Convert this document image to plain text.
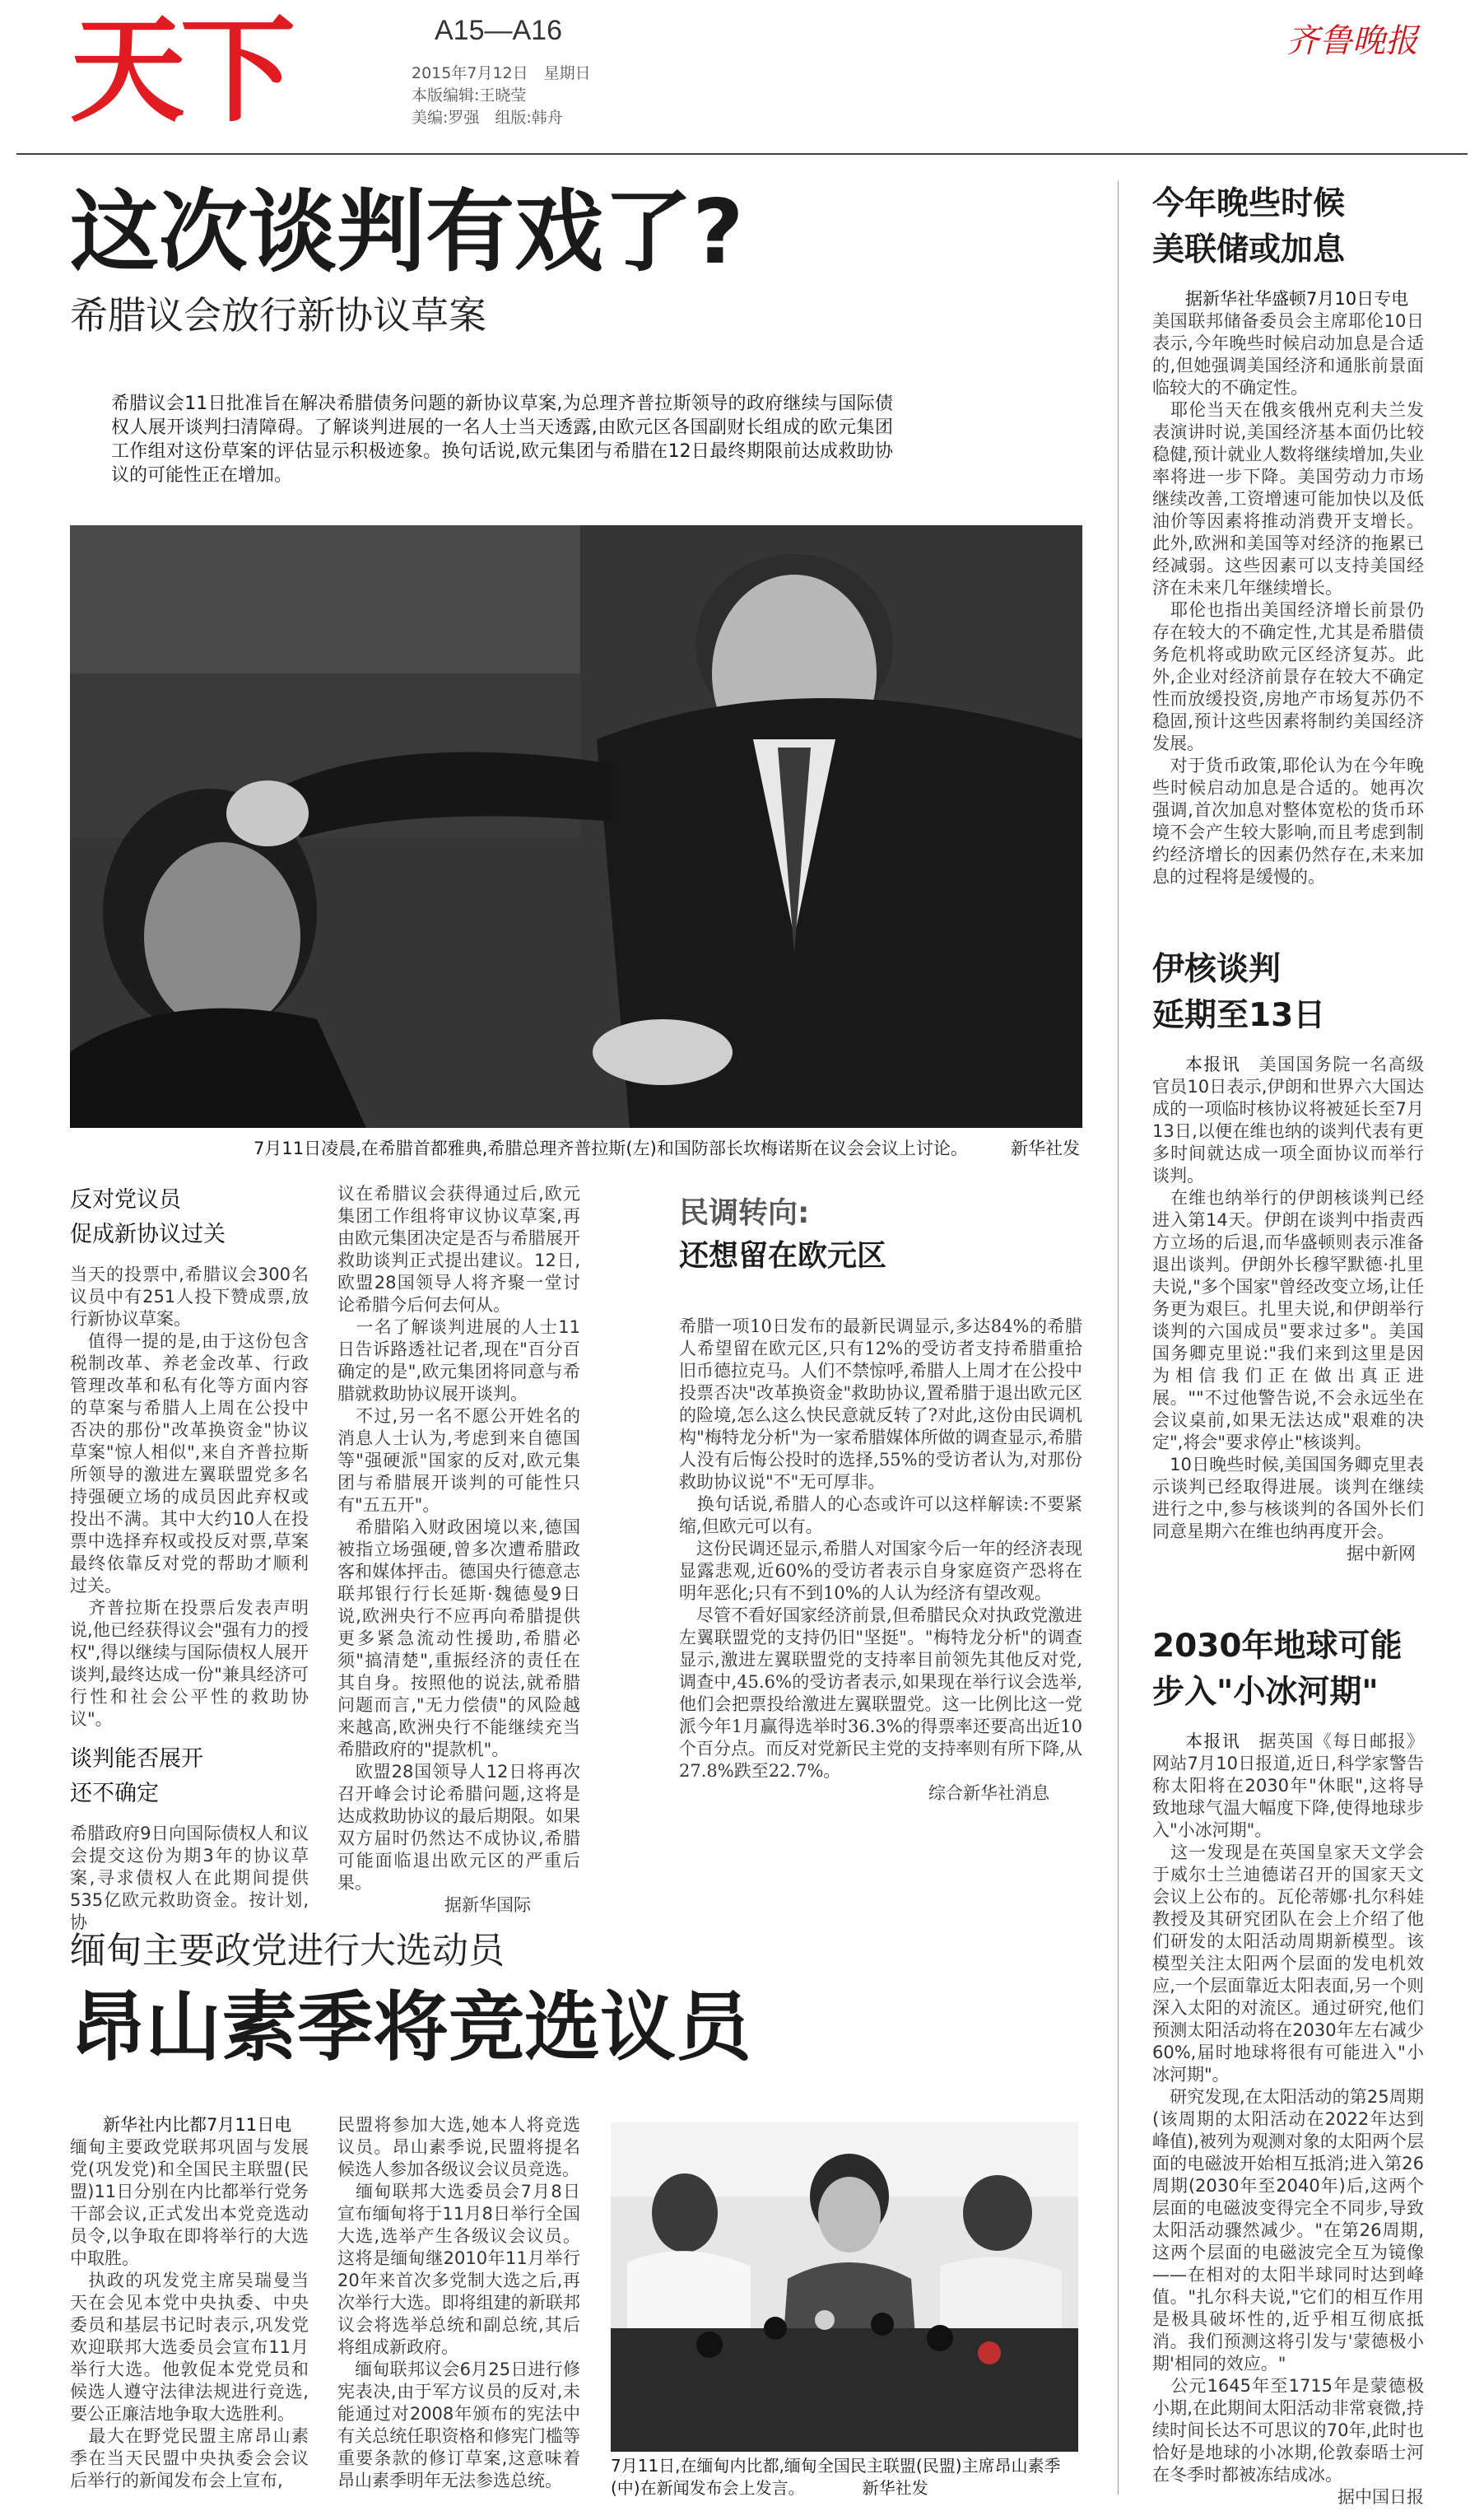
天下	A15—A16
2015年7月12日　星期日
本版编辑:王晓莹
美编:罗强　组版:韩舟
齐鲁晚报
这次谈判有戏了?
希腊议会放行新协议草案
希腊议会11日批准旨在解决希腊债务问题的新协议草案,为总理齐普拉斯领导的政府继续与国际债权人展开谈判扫清障碍。了解谈判进展的一名人士当天透露,由欧元区各国副财长组成的欧元集团工作组对这份草案的评估显示积极迹象。换句话说,欧元集团与希腊在12日最终期限前达成救助协议的可能性正在增加。
7月11日凌晨,在希腊首都雅典,希腊总理齐普拉斯(左)和国防部长坎梅诺斯在议会会议上讨论。 新华社发
反对党议员
促成新协议过关
当天的投票中,希腊议会300名议员中有251人投下赞成票,放行新协议草案。
　值得一提的是,由于这份包含税制改革、养老金改革、行政管理改革和私有化等方面内容的草案与希腊人上周在公投中否决的那份"改革换资金"协议草案"惊人相似",来自齐普拉斯所领导的激进左翼联盟党多名持强硬立场的成员因此弃权或投出不满。其中大约10人在投票中选择弃权或投反对票,草案最终依靠反对党的帮助才顺利过关。
　齐普拉斯在投票后发表声明说,他已经获得议会"强有力的授权",得以继续与国际债权人展开谈判,最终达成一份"兼具经济可行性和社会公平性的救助协议"。
谈判能否展开
还不确定
希腊政府9日向国际债权人和议会提交这份为期3年的协议草案,寻求债权人在此期间提供535亿欧元救助资金。按计划,协
议在希腊议会获得通过后,欧元集团工作组将审议协议草案,再由欧元集团决定是否与希腊展开救助谈判正式提出建议。12日,欧盟28国领导人将齐聚一堂讨论希腊今后何去何从。
　一名了解谈判进展的人士11日告诉路透社记者,现在"百分百确定的是",欧元集团将同意与希腊就救助协议展开谈判。
　不过,另一名不愿公开姓名的消息人士认为,考虑到来自德国等"强硬派"国家的反对,欧元集团与希腊展开谈判的可能性只有"五五开"。
　希腊陷入财政困境以来,德国被指立场强硬,曾多次遭希腊政客和媒体抨击。德国央行德意志联邦银行行长延斯·魏德曼9日说,欧洲央行不应再向希腊提供更多紧急流动性援助,希腊必须"搞清楚",重振经济的责任在其自身。按照他的说法,就希腊问题而言,"无力偿债"的风险越来越高,欧洲央行不能继续充当希腊政府的"提款机"。
　欧盟28国领导人12日将再次召开峰会讨论希腊问题,这将是达成救助协议的最后期限。如果双方届时仍然达不成协议,希腊可能面临退出欧元区的严重后果。
据新华国际
民调转向:
还想留在欧元区
希腊一项10日发布的最新民调显示,多达84%的希腊人希望留在欧元区,只有12%的受访者支持希腊重拾旧币德拉克马。人们不禁惊呼,希腊人上周才在公投中投票否决"改革换资金"救助协议,置希腊于退出欧元区的险境,怎么这么快民意就反转了?对此,这份由民调机构"梅特龙分析"为一家希腊媒体所做的调查显示,希腊人没有后悔公投时的选择,55%的受访者认为,对那份救助协议说"不"无可厚非。
　换句话说,希腊人的心态或许可以这样解读:不要紧缩,但欧元可以有。
　这份民调还显示,希腊人对国家今后一年的经济表现显露悲观,近60%的受访者表示自身家庭资产恐将在明年恶化;只有不到10%的人认为经济有望改观。
　尽管不看好国家经济前景,但希腊民众对执政党激进左翼联盟党的支持仍旧"坚挺"。"梅特龙分析"的调查显示,激进左翼联盟党的支持率目前领先其他反对党,调查中,45.6%的受访者表示,如果现在举行议会选举,他们会把票投给激进左翼联盟党。这一比例比这一党派今年1月赢得选举时36.3%的得票率还要高出近10个百分点。而反对党新民主党的支持率则有所下降,从27.8%跌至22.7%。
综合新华社消息
今年晚些时候
美联储或加息
据新华社华盛顿7月10日专电
美国联邦储备委员会主席耶伦10日表示,今年晚些时候启动加息是合适的,但她强调美国经济和通胀前景面临较大的不确定性。
　耶伦当天在俄亥俄州克利夫兰发表演讲时说,美国经济基本面仍比较稳健,预计就业人数将继续增加,失业率将进一步下降。美国劳动力市场继续改善,工资增速可能加快以及低油价等因素将推动消费开支增长。此外,欧洲和美国等对经济的拖累已经减弱。这些因素可以支持美国经济在未来几年继续增长。
　耶伦也指出美国经济增长前景仍存在较大的不确定性,尤其是希腊债务危机将或助欧元区经济复苏。此外,企业对经济前景存在较大不确定性而放缓投资,房地产市场复苏仍不稳固,预计这些因素将制约美国经济发展。
　对于货币政策,耶伦认为在今年晚些时候启动加息是合适的。她再次强调,首次加息对整体宽松的货币环境不会产生较大影响,而且考虑到制约经济增长的因素仍然存在,未来加息的过程将是缓慢的。
伊核谈判
延期至13日
本报讯　 美国国务院一名高级官员10日表示,伊朗和世界六大国达成的一项临时核协议将被延长至7月13日,以便在维也纳的谈判代表有更多时间就达成一项全面协议而举行谈判。
　在维也纳举行的伊朗核谈判已经进入第14天。伊朗在谈判中指责西方立场的后退,而华盛顿则表示准备退出谈判。伊朗外长穆罕默德·扎里夫说,"多个国家"曾经改变立场,让任务更为艰巨。扎里夫说,和伊朗举行谈判的六国成员"要求过多"。美国国务卿克里说:"我们来到这里是因为相信我们正在做出真正进展。""不过他警告说,不会永远坐在会议桌前,如果无法达成"艰难的决定",将会"要求停止"核谈判。
　10日晚些时候,美国国务卿克里表示谈判已经取得进展。谈判在继续进行之中,参与核谈判的各国外长们同意星期六在维也纳再度开会。
据中新网
2030年地球可能
步入"小冰河期"
本报讯　 据英国《每日邮报》网站7月10日报道,近日,科学家警告称太阳将在2030年"休眠",这将导致地球气温大幅度下降,使得地球步入"小冰河期"。
　这一发现是在英国皇家天文学会于威尔士兰迪德诺召开的国家天文会议上公布的。瓦伦蒂娜·扎尔科娃教授及其研究团队在会上介绍了他们研发的太阳活动周期新模型。该模型关注太阳两个层面的发电机效应,一个层面靠近太阳表面,另一个则深入太阳的对流区。通过研究,他们预测太阳活动将在2030年左右减少60%,届时地球将很有可能进入"小冰河期"。
　研究发现,在太阳活动的第25周期(该周期的太阳活动在2022年达到峰值),被列为观测对象的太阳两个层面的电磁波开始相互抵消;进入第26周期(2030年至2040年)后,这两个层面的电磁波变得完全不同步,导致太阳活动骤然减少。"在第26周期,这两个层面的电磁波完全互为镜像——在相对的太阳半球同时达到峰值。"扎尔科夫说,"它们的相互作用是极具破坏性的,近乎相互彻底抵消。我们预测这将引发与'蒙德极小期'相同的效应。"
　公元1645年至1715年是蒙德极小期,在此期间太阳活动非常衰微,持续时间长达不可思议的70年,此时也恰好是地球的小冰期,伦敦泰晤士河在冬季时都被冻结成冰。
据中国日报
缅甸主要政党进行大选动员
昂山素季将竞选议员
新华社内比都7月11日电
缅甸主要政党联邦巩固与发展党(巩发党)和全国民主联盟(民盟)11日分别在内比都举行党务干部会议,正式发出本党竞选动员令,以争取在即将举行的大选中取胜。
　执政的巩发党主席吴瑞曼当天在会见本党中央执委、中央委员和基层书记时表示,巩发党欢迎联邦大选委员会宣布11月举行大选。他敦促本党党员和候选人遵守法律法规进行竞选,要公正廉洁地争取大选胜利。
　最大在野党民盟主席昂山素季在当天民盟中央执委会会议后举行的新闻发布会上宣布,
民盟将参加大选,她本人将竞选议员。昂山素季说,民盟将提名候选人参加各级议会议员竞选。
　缅甸联邦大选委员会7月8日宣布缅甸将于11月8日举行全国大选,选举产生各级议会议员。这将是缅甸继2010年11月举行20年来首次多党制大选之后,再次举行大选。即将组建的新联邦议会将选举总统和副总统,其后将组成新政府。
　缅甸联邦议会6月25日进行修宪表决,由于军方议员的反对,未能通过对2008年颁布的宪法中有关总统任职资格和修宪门槛等重要条款的修订草案,这意味着昂山素季明年无法参选总统。
7月11日,在缅甸内比都,缅甸全国民主联盟(民盟)主席昂山素季(中)在新闻发布会上发言。　	新华社发
